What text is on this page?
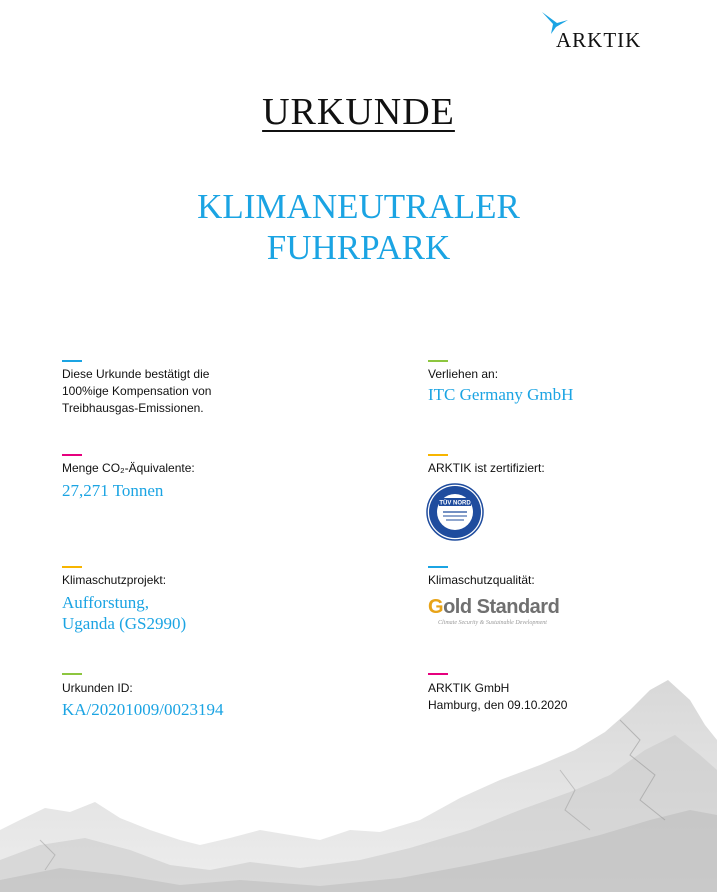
ARKTIK
URKUNDE
KLIMANEUTRALER
FUHRPARK
Diese Urkunde bestätigt die
100%ige Kompensation von
Treibhausgas-Emissionen.
Menge CO₂-Äquivalente:
27,271 Tonnen
Klimaschutzprojekt:
Aufforstung,
Uganda (GS2990)
Urkunden ID:
KA/20201009/0023194
Verliehen an:
ITC Germany GmbH
ARKTIK ist zertifiziert:
TÜV NORD
Klimaschutzqualität:
Gold Standard
Climate Security & Sustainable Development
ARKTIK GmbH
Hamburg, den 09.10.2020
